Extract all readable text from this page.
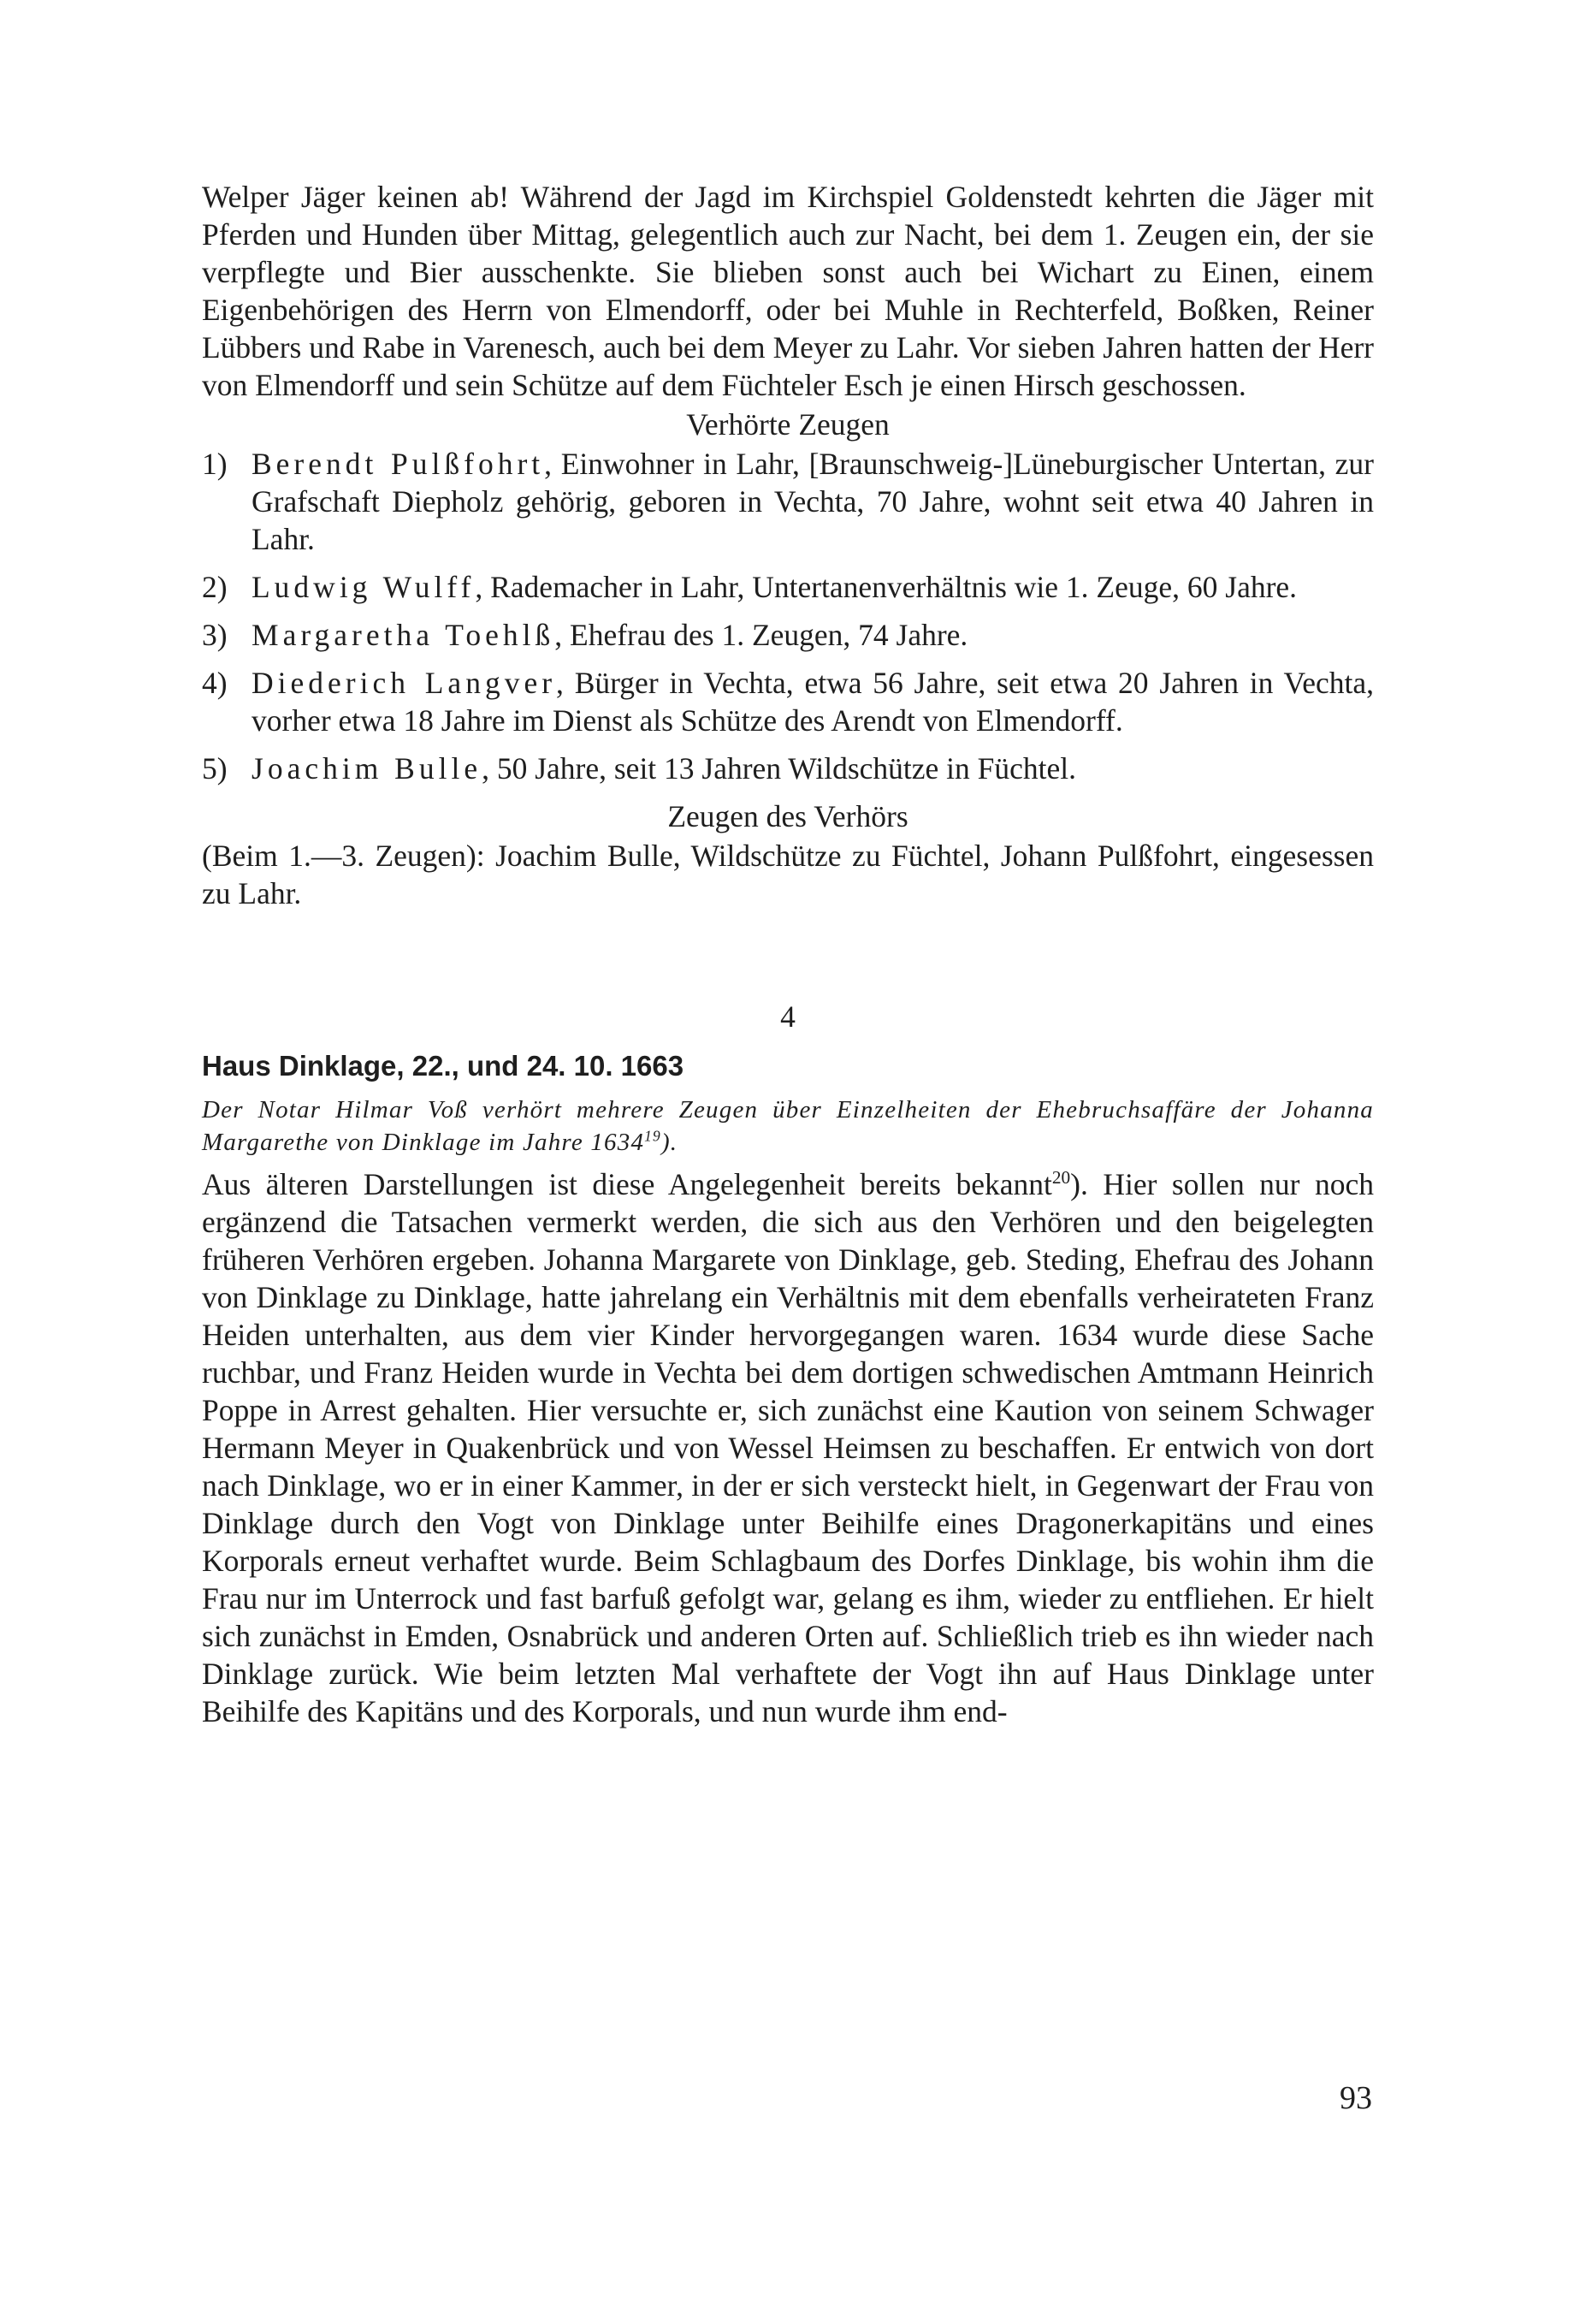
Welper Jäger keinen ab! Während der Jagd im Kirchspiel Goldenstedt kehrten die Jäger mit Pferden und Hunden über Mittag, gelegentlich auch zur Nacht, bei dem 1. Zeugen ein, der sie verpflegte und Bier ausschenkte. Sie blieben sonst auch bei Wichart zu Einen, einem Eigenbehörigen des Herrn von Elmendorff, oder bei Muhle in Rechterfeld, Boßken, Reiner Lübbers und Rabe in Varenesch, auch bei dem Meyer zu Lahr. Vor sieben Jahren hatten der Herr von Elmendorff und sein Schütze auf dem Füchteler Esch je einen Hirsch geschossen.

Verhörte Zeugen
1) Berendt Pulßfohrt, Einwohner in Lahr, [Braunschweig-]Lüneburgischer Untertan, zur Grafschaft Diepholz gehörig, geboren in Vechta, 70 Jahre, wohnt seit etwa 40 Jahren in Lahr.
2) Ludwig Wulff, Rademacher in Lahr, Untertanenverhältnis wie 1. Zeuge, 60 Jahre.
3) Margaretha Toehlß, Ehefrau des 1. Zeugen, 74 Jahre.
4) Diederich Langver, Bürger in Vechta, etwa 56 Jahre, seit etwa 20 Jahren in Vechta, vorher etwa 18 Jahre im Dienst als Schütze des Arendt von Elmendorff.
5) Joachim Bulle, 50 Jahre, seit 13 Jahren Wildschütze in Füchtel.
Zeugen des Verhörs

(Beim 1.—3. Zeugen): Joachim Bulle, Wildschütze zu Füchtel, Johann Pulßfohrt, eingesessen zu Lahr.

4
Haus Dinklage, 22., und 24. 10. 1663

Der Notar Hilmar Voß verhört mehrere Zeugen über Einzelheiten der Ehebruchsaffäre der Johanna Margarethe von Dinklage im Jahre 1634$^{19}$).

Aus älteren Darstellungen ist diese Angelegenheit bereits bekannt$^{20}$). Hier sollen nur noch ergänzend die Tatsachen vermerkt werden, die sich aus den Verhören und den beigelegten früheren Verhören ergeben. Johanna Margarete von Dinklage, geb. Steding, Ehefrau des Johann von Dinklage zu Dinklage, hatte jahrelang ein Verhältnis mit dem ebenfalls verheirateten Franz Heiden unterhalten, aus dem vier Kinder hervorgegangen waren. 1634 wurde diese Sache ruchbar, und Franz Heiden wurde in Vechta bei dem dortigen schwedischen Amtmann Heinrich Poppe in Arrest gehalten. Hier versuchte er, sich zunächst eine Kaution von seinem Schwager Hermann Meyer in Quakenbrück und von Wessel Heimsen zu beschaffen. Er entwich von dort nach Dinklage, wo er in einer Kammer, in der er sich versteckt hielt, in Gegenwart der Frau von Dinklage durch den Vogt von Dinklage unter Beihilfe eines Dragonerkapitäns und eines Korporals erneut verhaftet wurde. Beim Schlagbaum des Dorfes Dinklage, bis wohin ihm die Frau nur im Unterrock und fast barfuß gefolgt war, gelang es ihm, wieder zu entfliehen. Er hielt sich zunächst in Emden, Osnabrück und anderen Orten auf. Schließlich trieb es ihn wieder nach Dinklage zurück. Wie beim letzten Mal verhaftete der Vogt ihn auf Haus Dinklage unter Beihilfe des Kapitäns und des Korporals, und nun wurde ihm end-

93
